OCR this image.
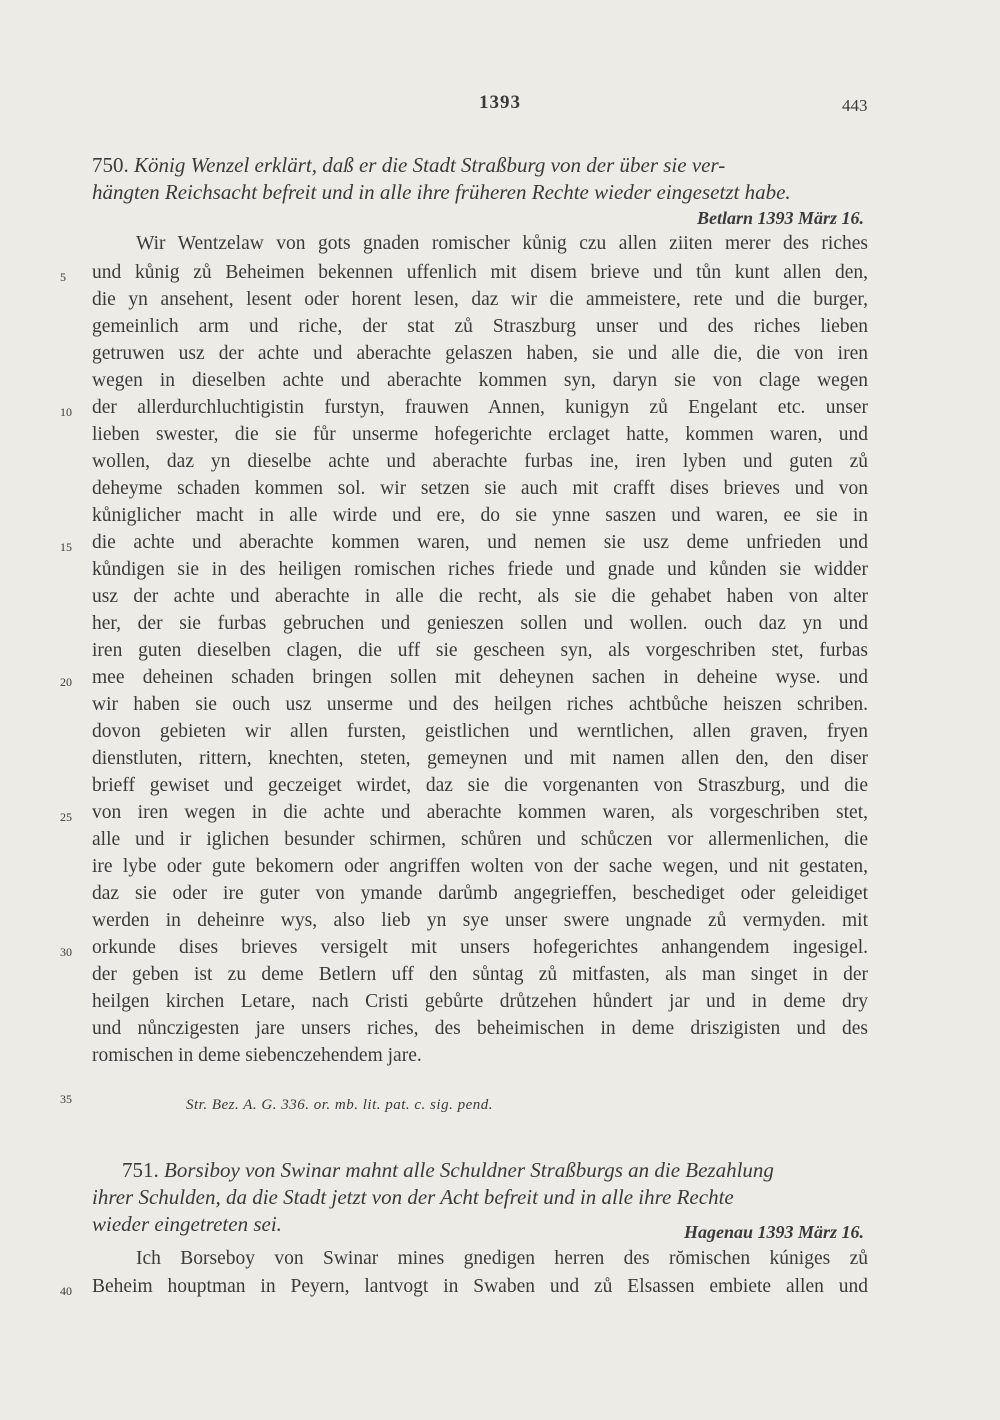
1393	443
750. König Wenzel erklärt, daß er die Stadt Straßburg von der über sie ver-
hängten Reichsacht befreit und in alle ihre früheren Rechte wieder eingesetzt habe.
Betlarn 1393 März 16.
Wir Wentzelaw von gots gnaden romischer kůnig czu allen ziiten merer des riches
und kůnig zů Beheimen bekennen uffenlich mit disem brieve und tůn kunt allen den,
die yn ansehent, lesent oder horent lesen, daz wir die ammeistere, rete und die burger,
gemeinlich arm und riche, der stat zů Straszburg unser und des riches lieben
getruwen usz der achte und aberachte gelaszen haben, sie und alle die, die von iren
wegen in dieselben achte und aberachte kommen syn, daryn sie von clage wegen
der allerdurchluchtigistin furstyn, frauwen Annen, kunigyn zů Engelant etc. unser
lieben swester, die sie fůr unserme hofegerichte erclaget hatte, kommen waren, und
wollen, daz yn dieselbe achte und aberachte furbas ine, iren lyben und guten zů
deheyme schaden kommen sol. wir setzen sie auch mit crafft dises brieves und von
kůniglicher macht in alle wirde und ere, do sie ynne saszen und waren, ee sie in
die achte und aberachte kommen waren, und nemen sie usz deme unfrieden und
kůndigen sie in des heiligen romischen riches friede und gnade und kůnden sie widder
usz der achte und aberachte in alle die recht, als sie die gehabet haben von alter
her, der sie furbas gebruchen und genieszen sollen und wollen. ouch daz yn und
iren guten dieselben clagen, die uff sie gescheen syn, als vorgeschriben stet, furbas
mee deheinen schaden bringen sollen mit deheynen sachen in deheine wyse. und
wir haben sie ouch usz unserme und des heilgen riches achtbůche heiszen schriben.
dovon gebieten wir allen fursten, geistlichen und werntlichen, allen graven, fryen
dienstluten, rittern, knechten, steten, gemeynen und mit namen allen den, den diser
brieff gewiset und geczeiget wirdet, daz sie die vorgenanten von Straszburg, und die
von iren wegen in die achte und aberachte kommen waren, als vorgeschriben stet,
alle und ir iglichen besunder schirmen, schůren und schůczen vor allermenlichen, die
ire lybe oder gute bekomern oder angriffen wolten von der sache wegen, und nit gestaten,
daz sie oder ire guter von ymande darůmb angegrieffen, beschediget oder geleidiget
werden in deheinre wys, also lieb yn sye unser swere ungnade zů vermyden. mit
orkunde dises brieves versigelt mit unsers hofegerichtes anhangendem ingesigel.
der geben ist zu deme Betlern uff den sůntag zů mitfasten, als man singet in der
heilgen kirchen Letare, nach Cristi gebůrte drůtzehen hůndert jar und in deme dry
und nůnczigesten jare unsers riches, des beheimischen in deme driszigisten und des
romischen in deme siebenczehendem jare.
Str. Bez. A. G. 336. or. mb. lit. pat. c. sig. pend.
751. Borsiboy von Swinar mahnt alle Schuldner Straßburgs an die Bezahlung
ihrer Schulden, da die Stadt jetzt von der Acht befreit und in alle ihre Rechte
wieder eingetreten sei.	Hagenau 1393 März 16.
Ich Borseboy von Swinar mines gnedigen herren des rŏmischen kúniges zů
Beheim houptman in Peyern, lantvogt in Swaben und zů Elsassen embiete allen und
5
10
15
20
25
30
35
40
